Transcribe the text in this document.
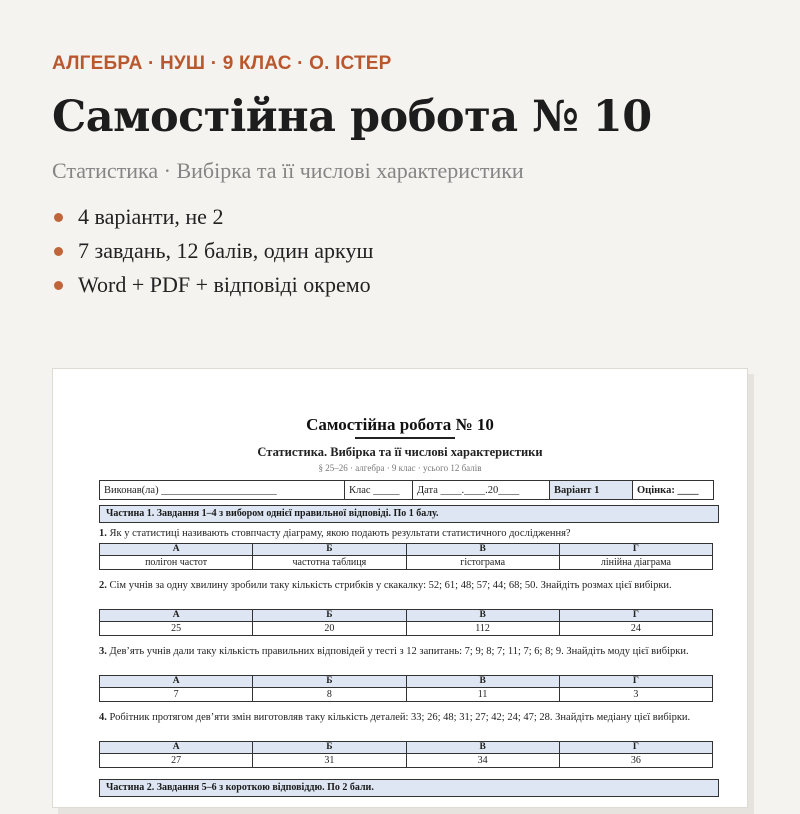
АЛГЕБРА · НУШ · 9 КЛАС · О. ІСТЕР
Самостійна робота № 10
Статистика · Вибірка та її числові характеристики
4 варіанти, не 2
7 завдань, 12 балів, один аркуш
Word + PDF + відповіді окремо
Самостійна робота № 10
Статистика. Вибірка та її числові характеристики
§ 25–26 · алгебра · 9 клас · усього 12 балів
Виконав(ла) ______________________	Клас _____	Дата ____.____.20____	Варіант 1	Оцінка: ____
Частина 1. Завдання 1–4 з вибором однієї правильної відповіді. По 1 балу.
1. Як у статистиці називають стовпчасту діаграму, якою подають результати статистичного дослідження?
А	Б	В	Г
полігон частот	частотна таблиця	гістограма	лінійна діаграма
2. Сім учнів за одну хвилину зробили таку кількість стрибків у скакалку: 52; 61; 48; 57; 44; 68; 50. Знайдіть розмах цієї вибірки.
А	Б	В	Г
25	20	112	24
3. Дев’ять учнів дали таку кількість правильних відповідей у тесті з 12 запитань: 7; 9; 8; 7; 11; 7; 6; 8; 9. Знайдіть моду цієї вибірки.
А	Б	В	Г
7	8	11	3
4. Робітник протягом дев’яти змін виготовляв таку кількість деталей: 33; 26; 48; 31; 27; 42; 24; 47; 28. Знайдіть медіану цієї вибірки.
А	Б	В	Г
27	31	34	36
Частина 2. Завдання 5–6 з короткою відповіддю. По 2 бали.
